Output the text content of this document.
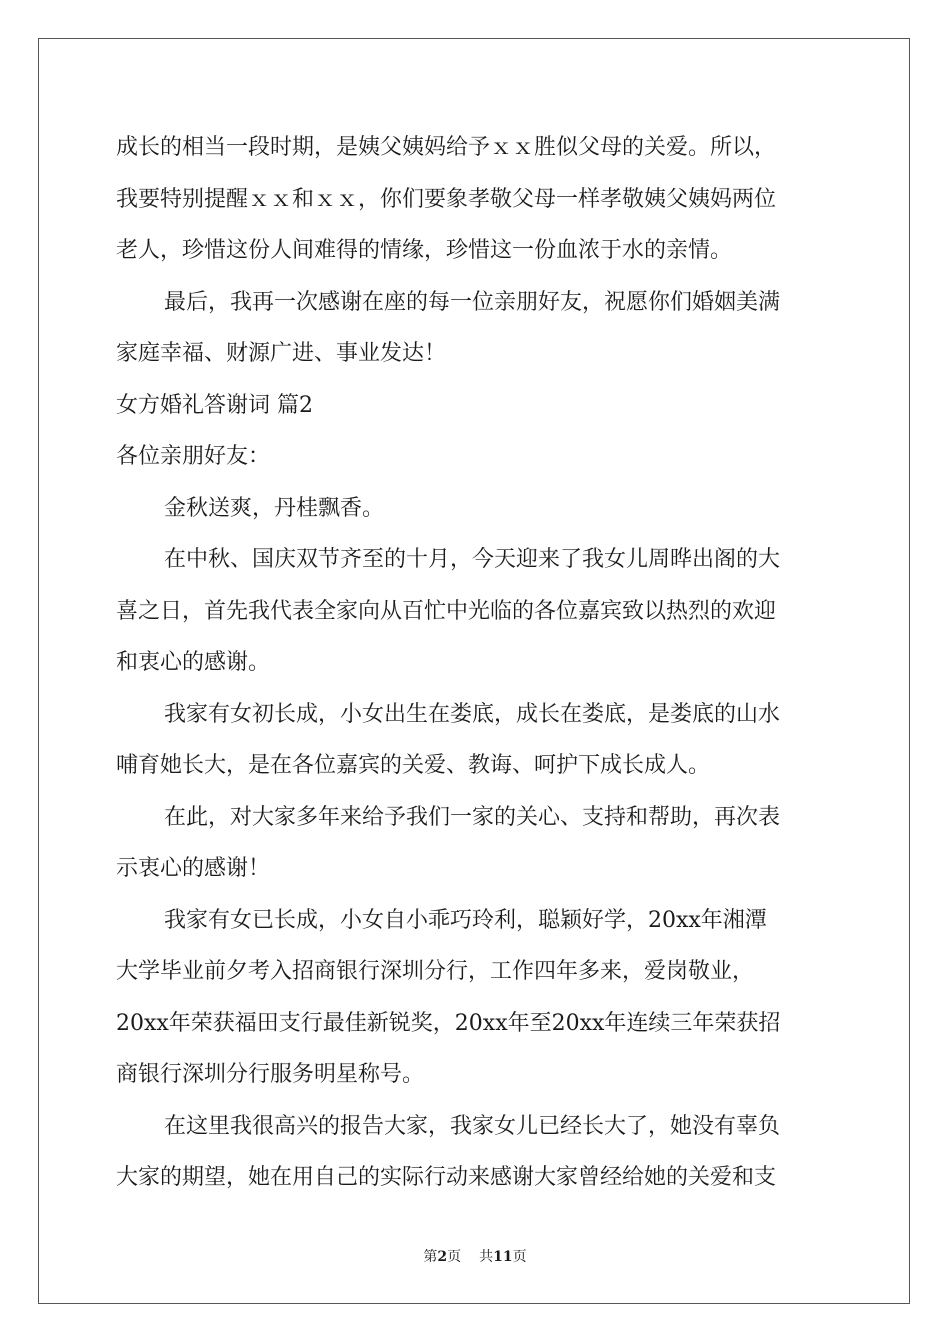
成长的相当一段时期，是姨父姨妈给予ｘｘ胜似父母的关爱。所以，
我要特别提醒ｘｘ和ｘｘ，你们要象孝敬父母一样孝敬姨父姨妈两位
老人，珍惜这份人间难得的情缘，珍惜这一份血浓于水的亲情。
最后，我再一次感谢在座的每一位亲朋好友，祝愿你们婚姻美满
家庭幸福、财源广进、事业发达！
女方婚礼答谢词 篇2
各位亲朋好友：
金秋送爽，丹桂飘香。
在中秋、国庆双节齐至的十月，今天迎来了我女儿周晔出阁的大
喜之日，首先我代表全家向从百忙中光临的各位嘉宾致以热烈的欢迎
和衷心的感谢。
我家有女初长成，小女出生在娄底，成长在娄底，是娄底的山水
哺育她长大，是在各位嘉宾的关爱、教诲、呵护下成长成人。
在此，对大家多年来给予我们一家的关心、支持和帮助，再次表
示衷心的感谢！
我家有女已长成，小女自小乖巧玲利，聪颖好学，20xx年湘潭
大学毕业前夕考入招商银行深圳分行，工作四年多来，爱岗敬业，
20xx年荣获福田支行最佳新锐奖，20xx年至20xx年连续三年荣获招
商银行深圳分行服务明星称号。
在这里我很高兴的报告大家，我家女儿已经长大了，她没有辜负
大家的期望，她在用自己的实际行动来感谢大家曾经给她的关爱和支
第2页 共11页
